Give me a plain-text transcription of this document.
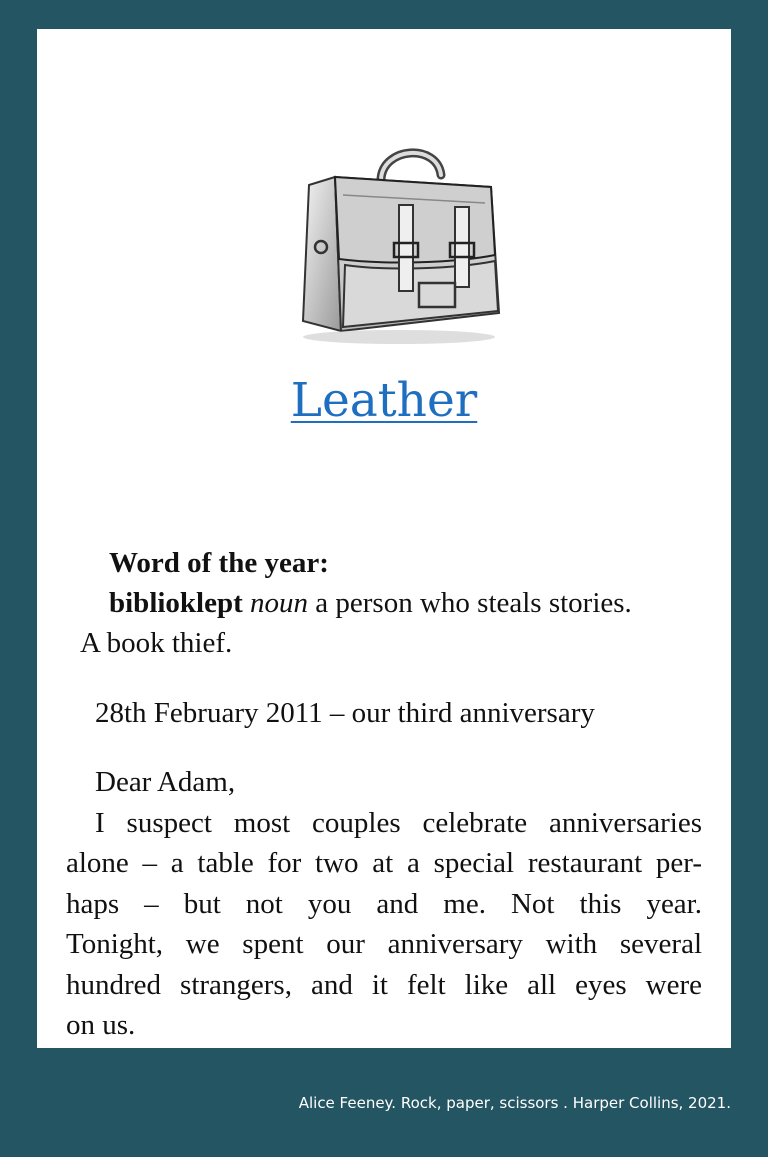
Leather
Word of the year:
biblioklept noun a person who steals stories.
A book thief.
28th February 2011 – our third anniversary
Dear Adam,
I suspect most couples celebrate anniversaries
alone – a table for two at a special restaurant per-
haps – but not you and me. Not this year.
Tonight, we spent our anniversary with several
hundred strangers, and it felt like all eyes were
on us.
Alice Feeney. Rock, paper, scissors . Harper Collins, 2021.
